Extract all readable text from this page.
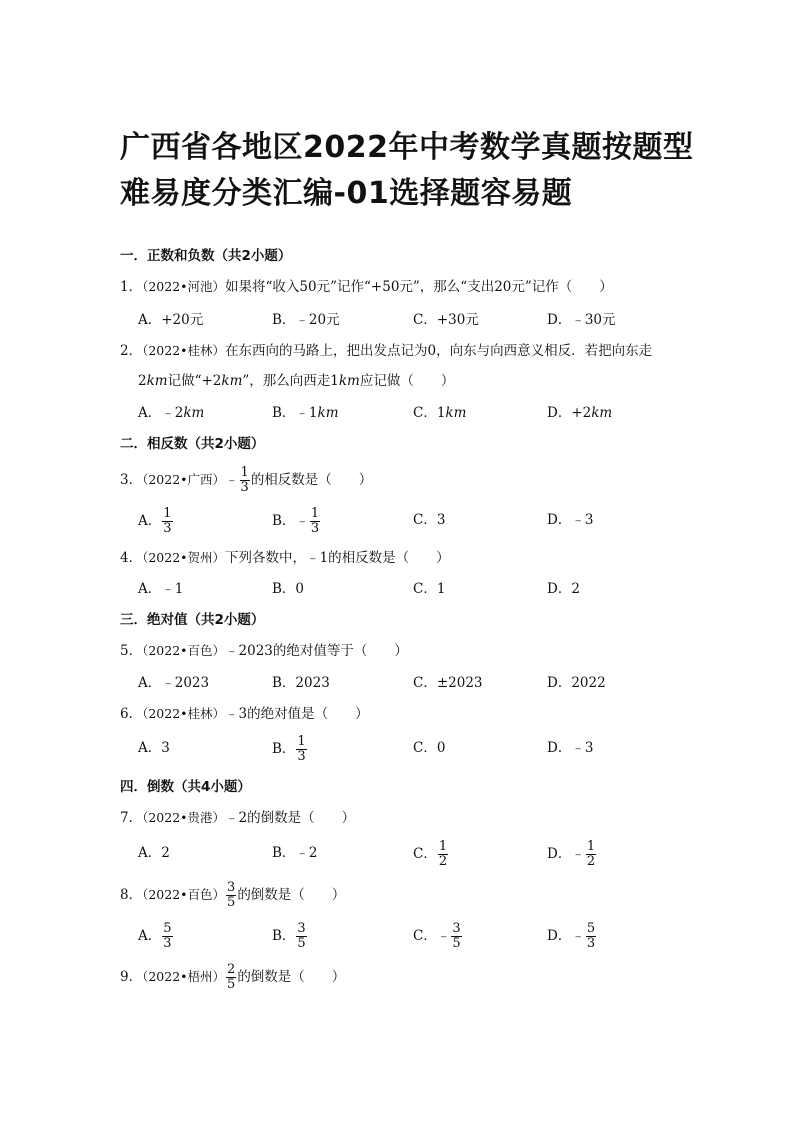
广西省各地区2022年中考数学真题按题型
难易度分类汇编-01选择题容易题
一．正数和负数（共2小题）
1．（2022•河池）如果将“收入50元”记作“+50元”，那么“支出20元”记作（　　）
A．+20元	B．﹣20元	C．+30元	D．﹣30元
2．（2022•桂林）在东西向的马路上，把出发点记为0，向东与向西意义相反．若把向东走
2km记做“+2km”，那么向西走1km应记做（　　）
A．﹣2km	B．﹣1km	C．1km	D．+2km
二．相反数（共2小题）
3．（2022•广西）﹣ $\frac{1}{3}$ 的相反数是（　　）
A． $\frac{1}{3}$	B．﹣ $\frac{1}{3}$	C．3	D．﹣3
4．（2022•贺州）下列各数中，﹣1的相反数是（　　）
A．﹣1	B．0	C．1	D．2
三．绝对值（共2小题）
5．（2022•百色）﹣2023的绝对值等于（　　）
A．﹣2023	B．2023	C．±2023	D．2022
6．（2022•桂林）﹣3的绝对值是（　　）
A．3	B． $\frac{1}{3}$	C．0	D．﹣3
四．倒数（共4小题）
7．（2022•贵港）﹣2的倒数是（　　）
A．2	B．﹣2	C． $\frac{1}{2}$	D．﹣ $\frac{1}{2}$
8．（2022•百色） $\frac{3}{5}$ 的倒数是（　　）
A． $\frac{5}{3}$	B． $\frac{3}{5}$	C．﹣ $\frac{3}{5}$	D．﹣ $\frac{5}{3}$
9．（2022•梧州） $\frac{2}{5}$ 的倒数是（　　）
